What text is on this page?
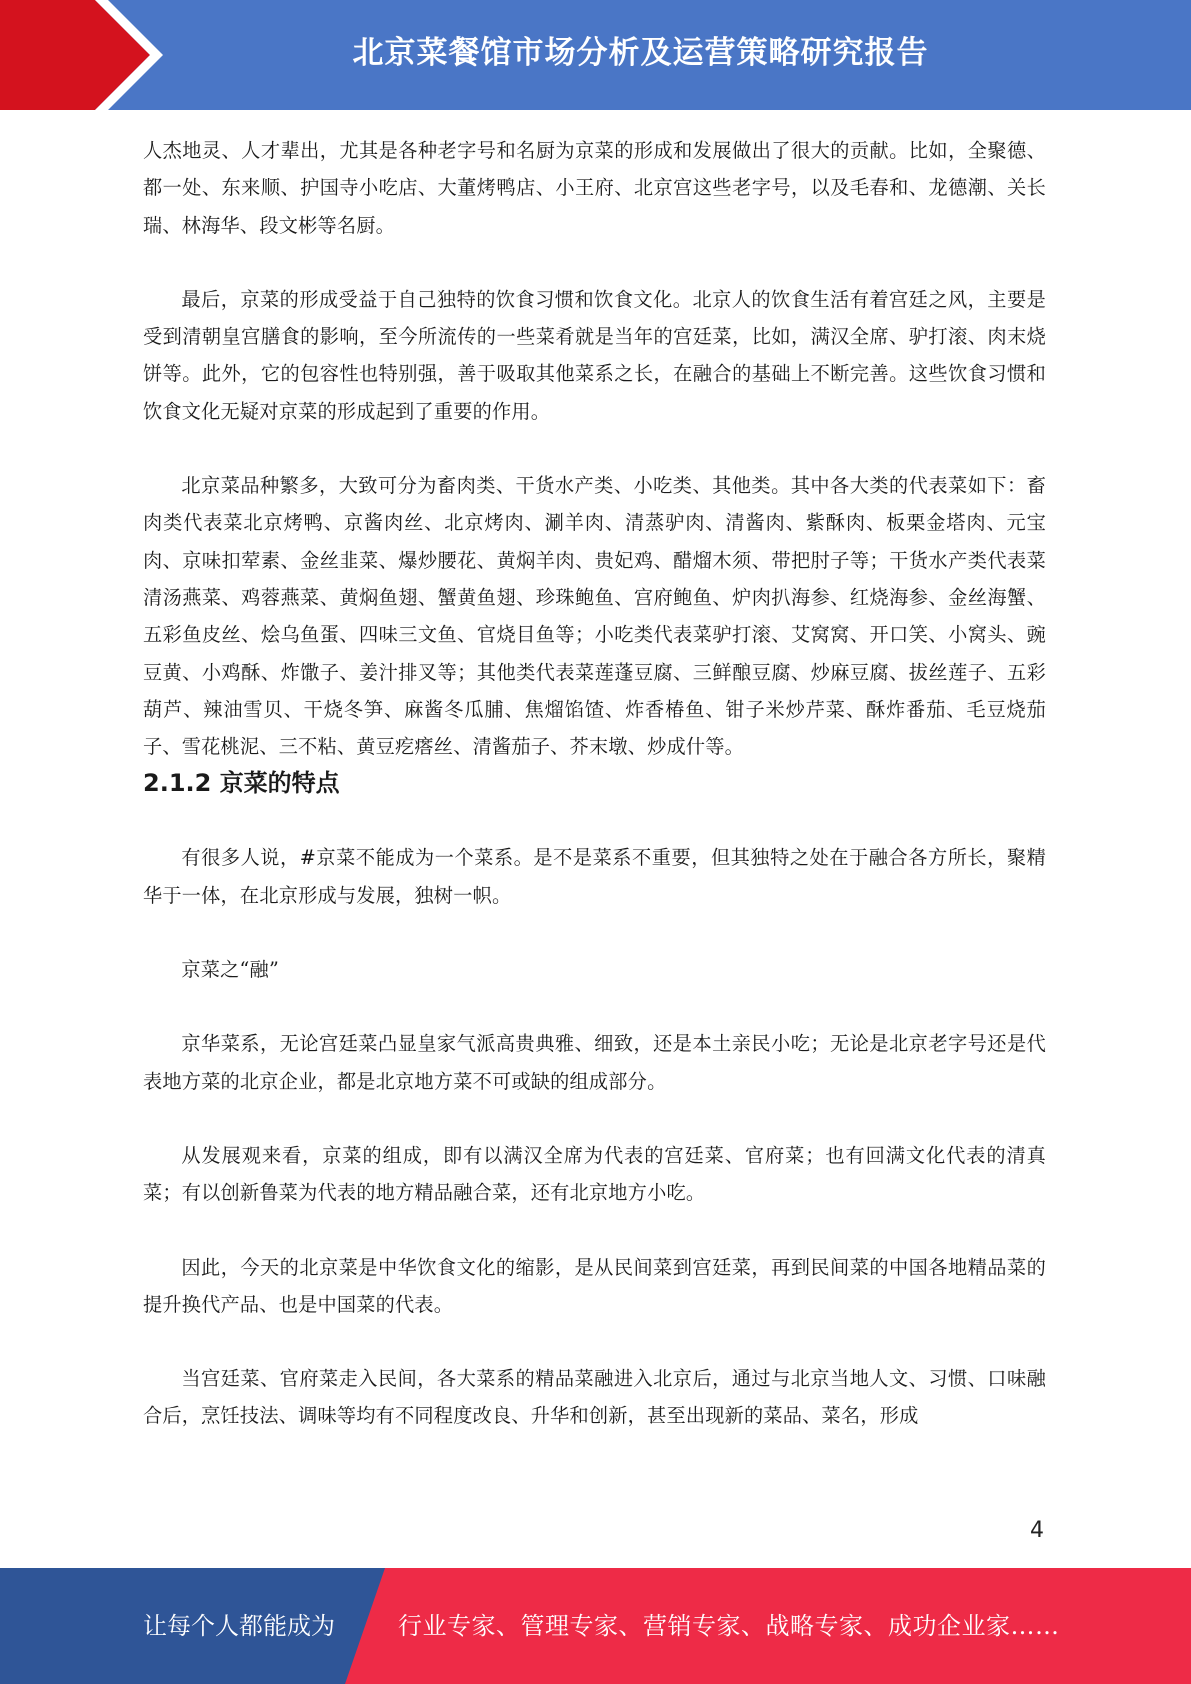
北京菜餐馆市场分析及运营策略研究报告

人杰地灵、人才辈出，尤其是各种老字号和名厨为京菜的形成和发展做出了很大的贡献。比如，全聚德、都一处、东来顺、护国寺小吃店、大董烤鸭店、小王府、北京宫这些老字号，以及毛春和、龙德潮、关长瑞、林海华、段文彬等名厨。

最后，京菜的形成受益于自己独特的饮食习惯和饮食文化。北京人的饮食生活有着宫廷之风，主要是受到清朝皇宫膳食的影响，至今所流传的一些菜肴就是当年的宫廷菜，比如，满汉全席、驴打滚、肉末烧饼等。此外，它的包容性也特别强，善于吸取其他菜系之长，在融合的基础上不断完善。这些饮食习惯和饮食文化无疑对京菜的形成起到了重要的作用。

北京菜品种繁多，大致可分为畜肉类、干货水产类、小吃类、其他类。其中各大类的代表菜如下：畜肉类代表菜北京烤鸭、京酱肉丝、北京烤肉、涮羊肉、清蒸驴肉、清酱肉、紫酥肉、板栗金塔肉、元宝肉、京味扣荤素、金丝韭菜、爆炒腰花、黄焖羊肉、贵妃鸡、醋熘木须、带把肘子等；干货水产类代表菜清汤燕菜、鸡蓉燕菜、黄焖鱼翅、蟹黄鱼翅、珍珠鲍鱼、宫府鲍鱼、炉肉扒海参、红烧海参、金丝海蟹、五彩鱼皮丝、烩乌鱼蛋、四味三文鱼、官烧目鱼等；小吃类代表菜驴打滚、艾窝窝、开口笑、小窝头、豌豆黄、小鸡酥、炸馓子、姜汁排叉等；其他类代表菜莲蓬豆腐、三鲜酿豆腐、炒麻豆腐、拔丝莲子、五彩葫芦、辣油雪贝、干烧冬笋、麻酱冬瓜脯、焦熘馅馇、炸香椿鱼、钳子米炒芹菜、酥炸番茄、毛豆烧茄子、雪花桃泥、三不粘、黄豆疙瘩丝、清酱茄子、芥末墩、炒成什等。

2.1.2 京菜的特点

有很多人说，#京菜不能成为一个菜系。是不是菜系不重要，但其独特之处在于融合各方所长，聚精华于一体，在北京形成与发展，独树一帜。

京菜之“融”

京华菜系，无论宫廷菜凸显皇家气派高贵典雅、细致，还是本土亲民小吃；无论是北京老字号还是代表地方菜的北京企业，都是北京地方菜不可或缺的组成部分。

从发展观来看，京菜的组成，即有以满汉全席为代表的宫廷菜、官府菜；也有回满文化代表的清真菜；有以创新鲁菜为代表的地方精品融合菜，还有北京地方小吃。

因此，今天的北京菜是中华饮食文化的缩影，是从民间菜到宫廷菜，再到民间菜的中国各地精品菜的提升换代产品、也是中国菜的代表。

当宫廷菜、官府菜走入民间，各大菜系的精品菜融进入北京后，通过与北京当地人文、习惯、口味融合后，烹饪技法、调味等均有不同程度改良、升华和创新，甚至出现新的菜品、菜名，形成

4
让每个人都能成为	行业专家、管理专家、营销专家、战略专家、成功企业家……
